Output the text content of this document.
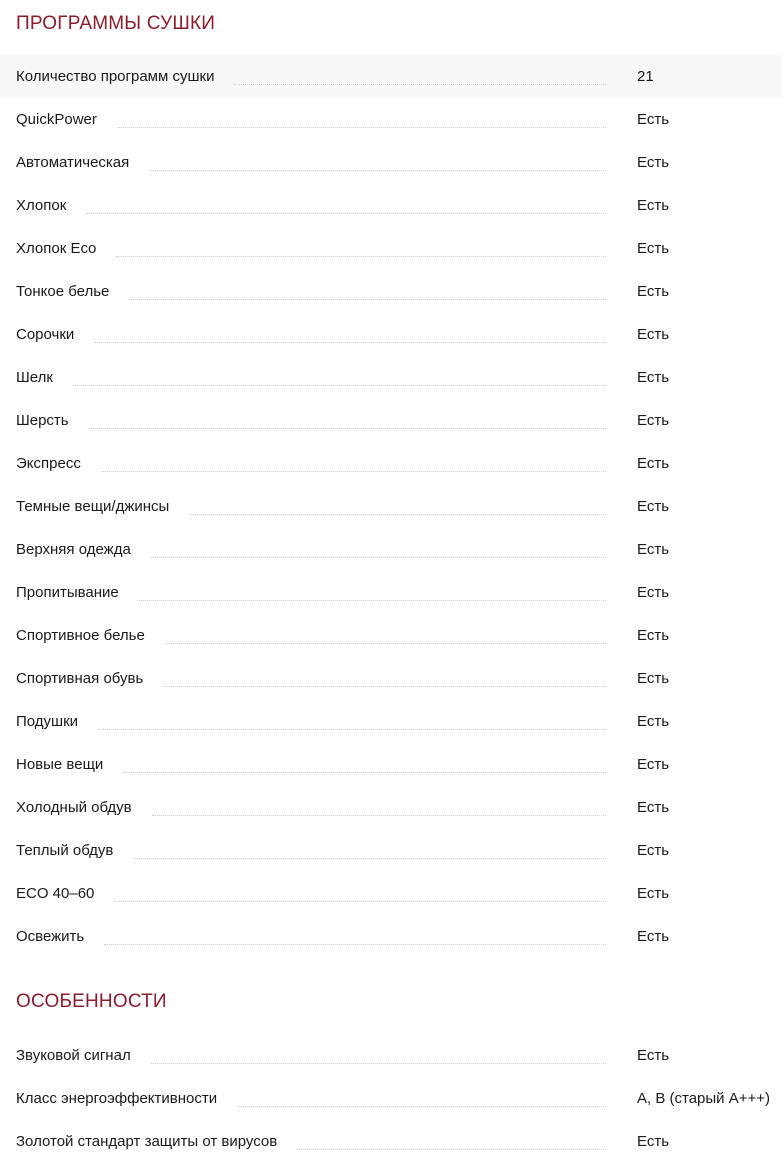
ПРОГРАММЫ СУШКИ
Количество программ сушки	21
QuickPower	Есть
Автоматическая	Есть
Хлопок	Есть
Хлопок Eco	Есть
Тонкое белье	Есть
Сорочки	Есть
Шелк	Есть
Шерсть	Есть
Экспресс	Есть
Темные вещи/джинсы	Есть
Верхняя одежда	Есть
Пропитывание	Есть
Спортивное белье	Есть
Спортивная обувь	Есть
Подушки	Есть
Новые вещи	Есть
Холодный обдув	Есть
Теплый обдув	Есть
ECO 40–60	Есть
Освежить	Есть
ОСОБЕННОСТИ
Звуковой сигнал	Есть
Класс энергоэффективности	A, B (старый A+++)
Золотой стандарт защиты от вирусов	Есть
